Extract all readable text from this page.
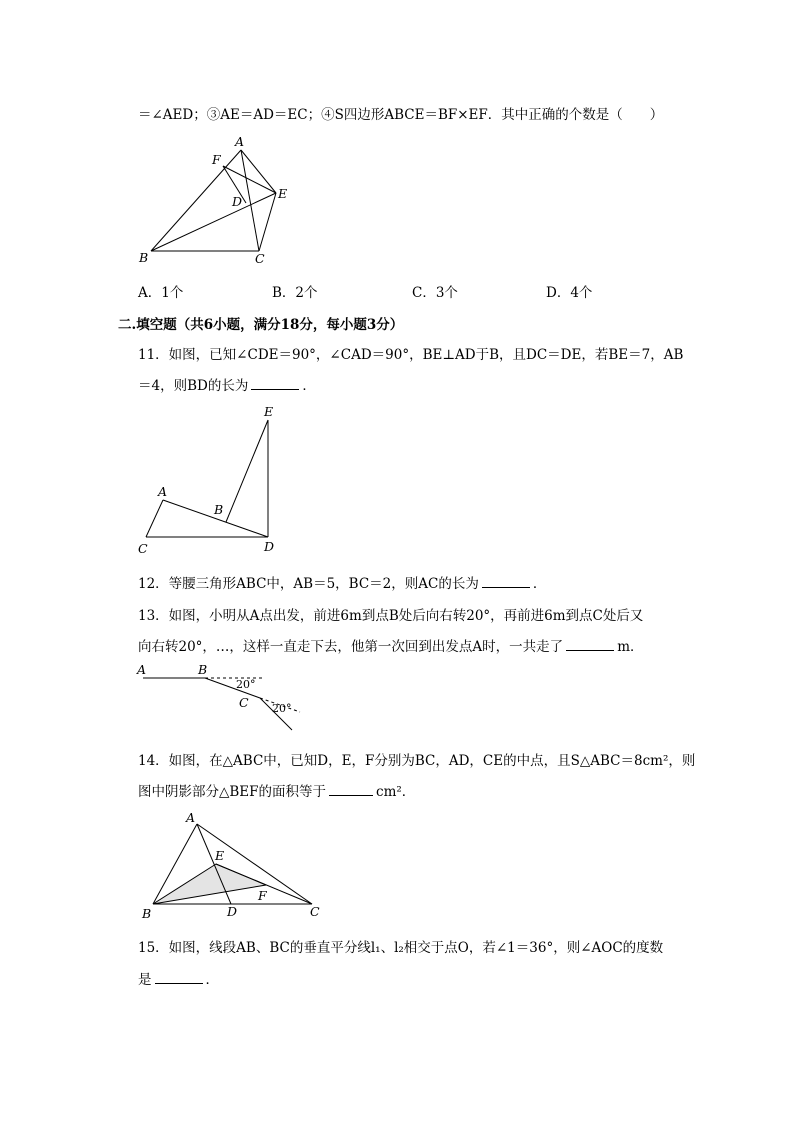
＝∠AED；③AE＝AD＝EC；④S四边形ABCE＝BF×EF．其中正确的个数是（　　）
A
F
E
D
B	C
A．1个	B．2个	C．3个	D．4个
二.填空题（共6小题，满分18分，每小题3分）
11．如图，已知∠CDE＝90°，∠CAD＝90°，BE⊥AD于B，且DC＝DE，若BE＝7，AB
＝4，则BD的长为	．
E
A
B
C	D
12．等腰三角形ABC中，AB＝5，BC＝2，则AC的长为	．
13．如图，小明从A点出发，前进6m到点B处后向右转20°，再前进6m到点C处后又
向右转20°，…，这样一直走下去，他第一次回到出发点A时，一共走了	m．
A	B
C
20°
20°
14．如图，在△ABC中，已知D，E，F分别为BC，AD，CE的中点，且S△ABC＝8cm²，则
图中阴影部分△BEF的面积等于	cm²．
A
E
F
B	D	C
15．如图，线段AB、BC的垂直平分线l₁、l₂相交于点O，若∠1＝36°，则∠AOC的度数
是	．
